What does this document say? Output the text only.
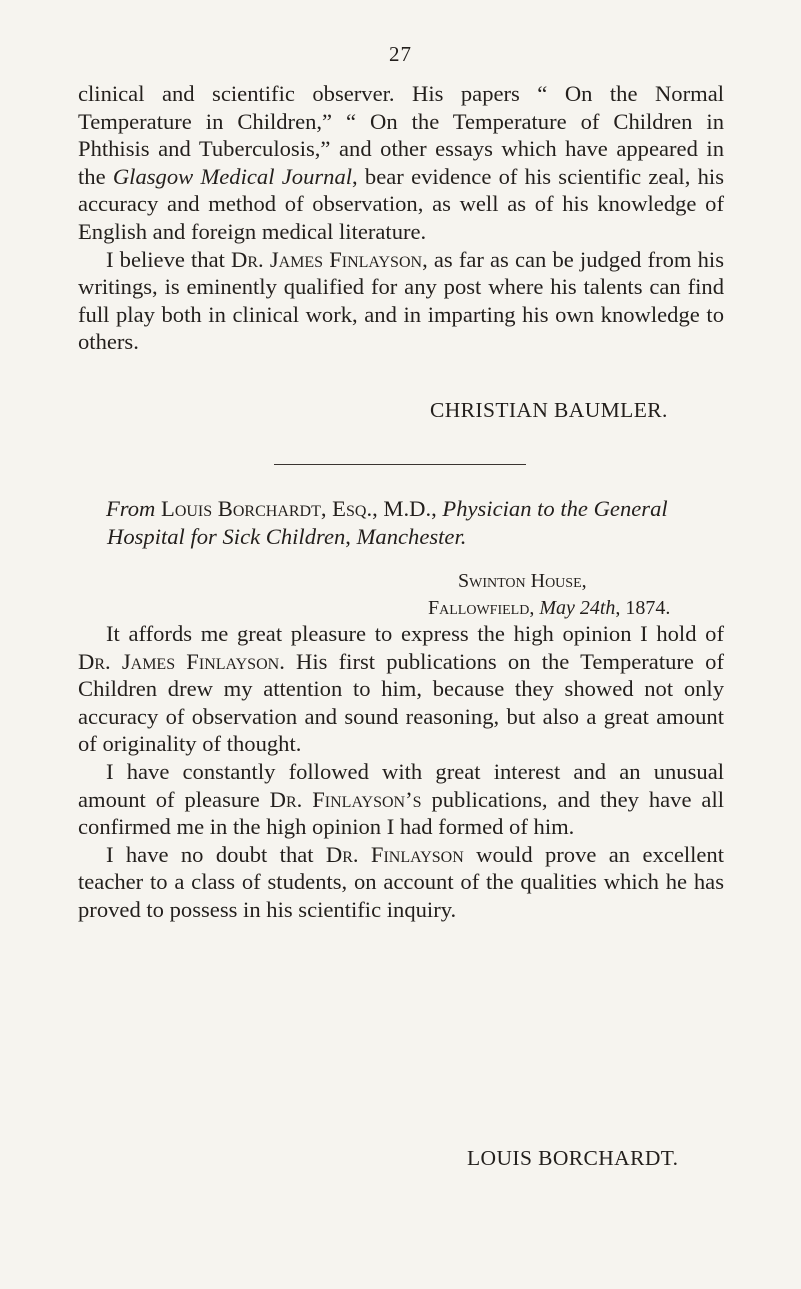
27

clinical and scientific observer. His papers “ On the Normal Temperature in Children,” “ On the Temperature of Children in Phthisis and Tuberculosis,” and other essays which have appeared in the Glasgow Medical Journal, bear evidence of his scientific zeal, his accuracy and method of observation, as well as of his knowledge of English and foreign medical literature.

I believe that Dr. James Finlayson, as far as can be judged from his writings, is eminently qualified for any post where his talents can find full play both in clinical work, and in imparting his own knowledge to others.

CHRISTIAN BAUMLER.
From Louis Borchardt, Esq., M.D., Physician to the General
Hospital for Sick Children, Manchester.
Swinton House,
Fallowfield, May 24th, 1874.

It affords me great pleasure to express the high opinion I hold of Dr. James Finlayson. His first publications on the Temperature of Children drew my attention to him, because they showed not only accuracy of observation and sound reasoning, but also a great amount of originality of thought.

I have constantly followed with great interest and an unusual amount of pleasure Dr. Finlayson’s publications, and they have all confirmed me in the high opinion I had formed of him.

I have no doubt that Dr. Finlayson would prove an excellent teacher to a class of students, on account of the qualities which he has proved to possess in his scientific inquiry.

LOUIS BORCHARDT.
